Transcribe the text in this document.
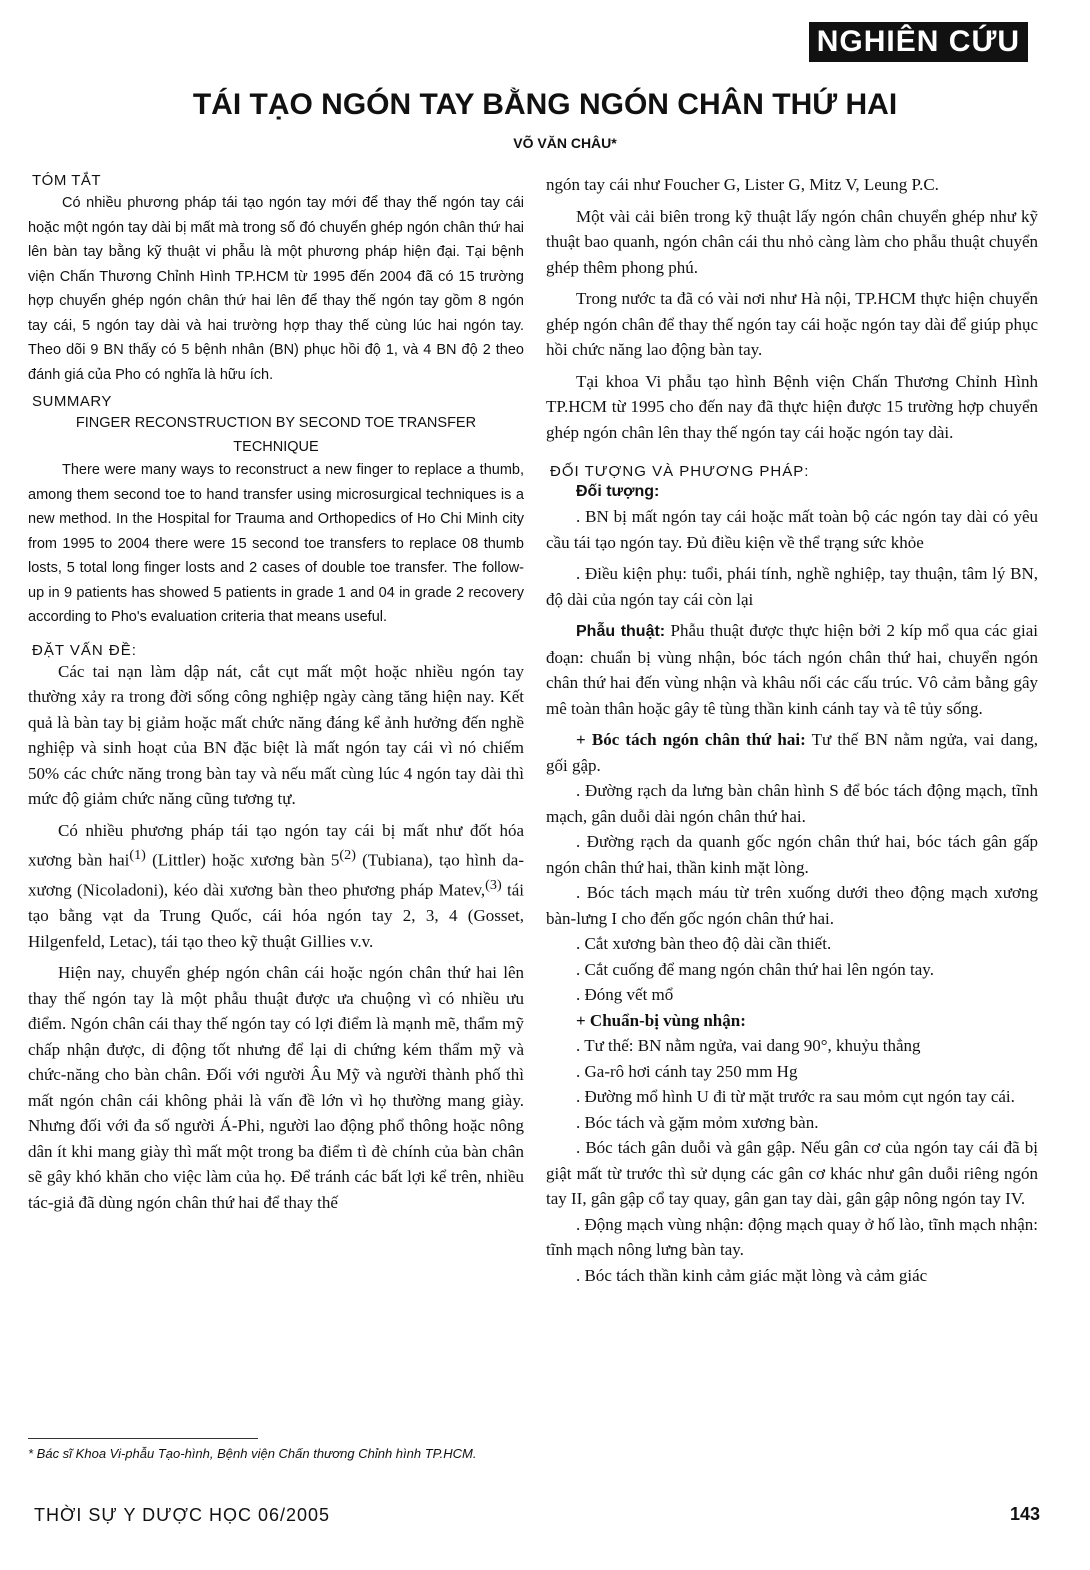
NGHIÊN CỨU
TÁI TẠO NGÓN TAY BẰNG NGÓN CHÂN THỨ HAI
VÕ VĂN CHÂU*
TÓM TẮT

Có nhiều phương pháp tái tạo ngón tay mới để thay thế ngón tay cái hoặc một ngón tay dài bị mất mà trong số đó chuyển ghép ngón chân thứ hai lên bàn tay bằng kỹ thuật vi phẫu là một phương pháp hiện đại. Tại bệnh viện Chấn Thương Chỉnh Hình TP.HCM từ 1995 đến 2004 đã có 15 trường hợp chuyển ghép ngón chân thứ hai lên để thay thế ngón tay gồm 8 ngón tay cái, 5 ngón tay dài và hai trường hợp thay thế cùng lúc hai ngón tay. Theo dõi 9 BN thấy có 5 bệnh nhân (BN) phục hồi độ 1, và 4 BN độ 2 theo đánh giá của Pho có nghĩa là hữu ích.

SUMMARY
FINGER RECONSTRUCTION BY SECOND TOE TRANSFER
TECHNIQUE

There were many ways to reconstruct a new finger to replace a thumb, among them second toe to hand transfer using microsurgical techniques is a new method. In the Hospital for Trauma and Orthopedics of Ho Chi Minh city from 1995 to 2004 there were 15 second toe transfers to replace 08 thumb losts, 5 total long finger losts and 2 cases of double toe transfer. The follow-up in 9 patients has showed 5 patients in grade 1 and 04 in grade 2 recovery according to Pho's evaluation criteria that means useful.

ĐẶT VẤN ĐỀ:

Các tai nạn làm dập nát, cắt cụt mất một hoặc nhiều ngón tay thường xảy ra trong đời sống công nghiệp ngày càng tăng hiện nay. Kết quả là bàn tay bị giảm hoặc mất chức năng đáng kể ảnh hưởng đến nghề nghiệp và sinh hoạt của BN đặc biệt là mất ngón tay cái vì nó chiếm 50% các chức năng trong bàn tay và nếu mất cùng lúc 4 ngón tay dài thì mức độ giảm chức năng cũng tương tự.

Có nhiều phương pháp tái tạo ngón tay cái bị mất như đốt hóa xương bàn hai$^{(1)}$ (Littler) hoặc xương bàn 5$^{(2)}$ (Tubiana), tạo hình da-xương (Nicoladoni), kéo dài xương bàn theo phương pháp Matev,$^{(3)}$ tái tạo bằng vạt da Trung Quốc, cái hóa ngón tay 2, 3, 4 (Gosset, Hilgenfeld, Letac), tái tạo theo kỹ thuật Gillies v.v.

Hiện nay, chuyển ghép ngón chân cái hoặc ngón chân thứ hai lên thay thế ngón tay là một phẫu thuật được ưa chuộng vì có nhiều ưu điểm. Ngón chân cái thay thế ngón tay có lợi điểm là mạnh mẽ, thẩm mỹ chấp nhận được, di động tốt nhưng để lại di chứng kém thẩm mỹ và chức-năng cho bàn chân. Đối với người Âu Mỹ và người thành phố thì mất ngón chân cái không phải là vấn đề lớn vì họ thường mang giày. Nhưng đối với đa số người Á-Phi, người lao động phổ thông hoặc nông dân ít khi mang giày thì mất một trong ba điểm tì đè chính của bàn chân sẽ gây khó khăn cho việc làm của họ. Để tránh các bất lợi kể trên, nhiều tác-giả đã dùng ngón chân thứ hai để thay thế

ngón tay cái như Foucher G, Lister G, Mitz V, Leung P.C.

Một vài cải biên trong kỹ thuật lấy ngón chân chuyển ghép như kỹ thuật bao quanh, ngón chân cái thu nhỏ càng làm cho phẫu thuật chuyển ghép thêm phong phú.

Trong nước ta đã có vài nơi như Hà nội, TP.HCM thực hiện chuyển ghép ngón chân để thay thế ngón tay cái hoặc ngón tay dài để giúp phục hồi chức năng lao động bàn tay.

Tại khoa Vi phẫu tạo hình Bệnh viện Chấn Thương Chỉnh Hình TP.HCM từ 1995 cho đến nay đã thực hiện được 15 trường hợp chuyển ghép ngón chân lên thay thế ngón tay cái hoặc ngón tay dài.

ĐỐI TƯỢNG VÀ PHƯƠNG PHÁP:
Đối tượng:

. BN bị mất ngón tay cái hoặc mất toàn bộ các ngón tay dài có yêu cầu tái tạo ngón tay. Đủ điều kiện về thể trạng sức khỏe

. Điều kiện phụ: tuổi, phái tính, nghề nghiệp, tay thuận, tâm lý BN, độ dài của ngón tay cái còn lại

Phẫu thuật: Phẫu thuật được thực hiện bởi 2 kíp mổ qua các giai đoạn: chuẩn bị vùng nhận, bóc tách ngón chân thứ hai, chuyển ngón chân thứ hai đến vùng nhận và khâu nối các cấu trúc. Vô cảm bằng gây mê toàn thân hoặc gây tê tùng thần kinh cánh tay và tê tủy sống.

+ Bóc tách ngón chân thứ hai: Tư thế BN nằm ngửa, vai dang, gối gập.

. Đường rạch da lưng bàn chân hình S để bóc tách động mạch, tĩnh mạch, gân duỗi dài ngón chân thứ hai.

. Đường rạch da quanh gốc ngón chân thứ hai, bóc tách gân gấp ngón chân thứ hai, thần kinh mặt lòng.

. Bóc tách mạch máu từ trên xuống dưới theo động mạch xương bàn-lưng I cho đến gốc ngón chân thứ hai.

. Cắt xương bàn theo độ dài cần thiết.

. Cắt cuống để mang ngón chân thứ hai lên ngón tay.

. Đóng vết mổ

+ Chuẩn-bị vùng nhận:

. Tư thế: BN nằm ngửa, vai dang 90°, khuỷu thẳng

. Ga-rô hơi cánh tay 250 mm Hg

. Đường mổ hình U đi từ mặt trước ra sau mỏm cụt ngón tay cái.

. Bóc tách và gặm mỏm xương bàn.

. Bóc tách gân duỗi và gân gập. Nếu gân cơ của ngón tay cái đã bị giật mất từ trước thì sử dụng các gân cơ khác như gân duỗi riêng ngón tay II, gân gập cổ tay quay, gân gan tay dài, gân gập nông ngón tay IV.

. Động mạch vùng nhận: động mạch quay ở hố lào, tĩnh mạch nhận: tĩnh mạch nông lưng bàn tay.

. Bóc tách thần kinh cảm giác mặt lòng và cảm giác

* Bác sĩ Khoa Vi-phẫu Tạo-hình, Bệnh viện Chấn thương Chỉnh hình TP.HCM.
THỜI SỰ Y DƯỢC HỌC 06/2005	143
